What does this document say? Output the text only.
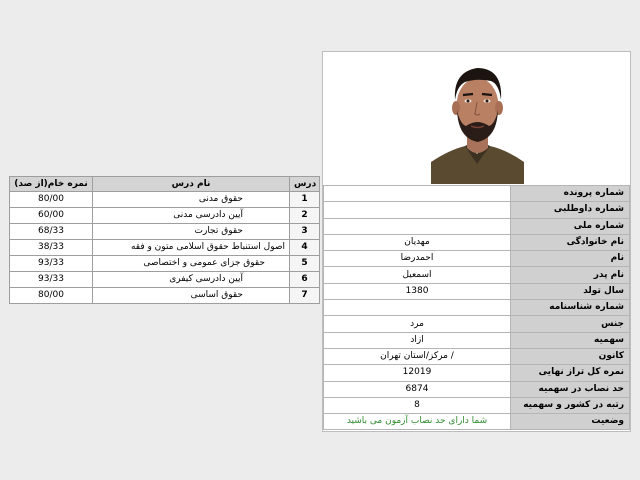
نمره خام(از صد)	نام درس	درس
80/00	حقوق مدنی	1
60/00	آیین دادرسی مدنی	2
68/33	حقوق تجارت	3
38/33	اصول استنباط حقوق اسلامی متون و فقه	4
93/33	حقوق جزای عمومی و اختصاصی	5
93/33	آیین دادرسی کیفری	6
80/00	حقوق اساسی	7
	شماره پرونده
	شماره داوطلبی
	شماره ملی
مهدیان	نام خانوادگی
احمدرضا	نام
اسمعیل	نام پدر
1380	سال تولد
	شماره شناسنامه
مرد	جنس
ازاد	سهمیه
/ مرکز/استان تهران	کانون
12019	نمره کل تراز نهایی
6874	حد نصاب در سهمیه
8	رتبه در کشور و سهمیه
شما دارای حد نصاب آزمون می باشید	وضعیت
